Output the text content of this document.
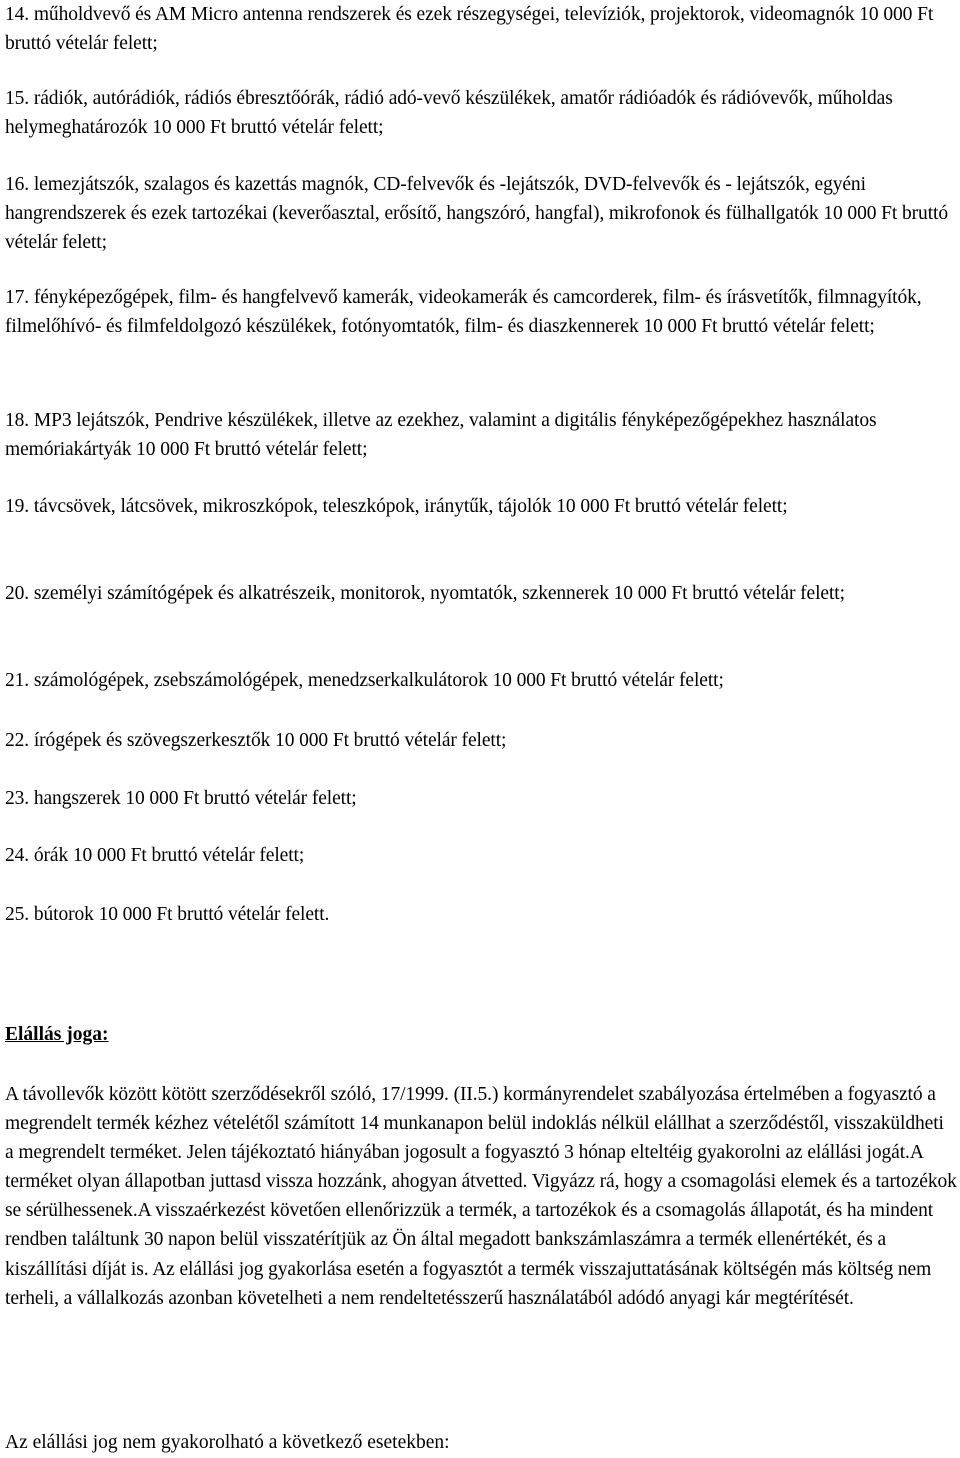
14. műholdvevő és AM Micro antenna rendszerek és ezek részegységei, televíziók, projektorok, videomagnók 10 000 Ft bruttó vételár felett;

15. rádiók, autórádiók, rádiós ébresztőórák, rádió adó-vevő készülékek, amatőr rádióadók és rádióvevők, műholdas helymeghatározók 10 000 Ft bruttó vételár felett;

16. lemezjátszók, szalagos és kazettás magnók, CD-felvevők és -lejátszók, DVD-felvevők és - lejátszók, egyéni hangrendszerek és ezek tartozékai (keverőasztal, erősítő, hangszóró, hangfal), mikrofonok és fülhallgatók 10 000 Ft bruttó vételár felett;

17. fényképezőgépek, film- és hangfelvevő kamerák, videokamerák és camcorderek, film- és írásvetítők, filmnagyítók, filmelőhívó- és filmfeldolgozó készülékek, fotónyomtatók, film- és diaszkennerek 10 000 Ft bruttó vételár felett;

18. MP3 lejátszók, Pendrive készülékek, illetve az ezekhez, valamint a digitális fényképezőgépekhez használatos memóriakártyák 10 000 Ft bruttó vételár felett;

19. távcsövek, látcsövek, mikroszkópok, teleszkópok, iránytűk, tájolók 10 000 Ft bruttó vételár felett;

20. személyi számítógépek és alkatrészeik, monitorok, nyomtatók, szkennerek 10 000 Ft bruttó vételár felett;

21. számológépek, zsebszámológépek, menedzserkalkulátorok 10 000 Ft bruttó vételár felett;

22. írógépek és szövegszerkesztők 10 000 Ft bruttó vételár felett;

23. hangszerek 10 000 Ft bruttó vételár felett;

24. órák 10 000 Ft bruttó vételár felett;

25. bútorok 10 000 Ft bruttó vételár felett.

Elállás joga:

A távollevők között kötött szerződésekről szóló, 17/1999. (II.5.) kormányrendelet szabályozása értelmében a fogyasztó a megrendelt termék kézhez vételétől számított 14 munkanapon belül indoklás nélkül elállhat a szerződéstől, visszaküldheti a megrendelt terméket. Jelen tájékoztató hiányában jogosult a fogyasztó 3 hónap elteltéig gyakorolni az elállási jogát.A terméket olyan állapotban juttasd vissza hozzánk, ahogyan átvetted. Vigyázz rá, hogy a csomagolási elemek és a tartozékok se sérülhessenek.A visszaérkezést követően ellenőrizzük a termék, a tartozékok és a csomagolás állapotát, és ha mindent rendben találtunk 30 napon belül visszatérítjük az Ön által megadott bankszámlaszámra a termék ellenértékét, és a kiszállítási díját is. Az elállási jog gyakorlása esetén a fogyasztót a termék visszajuttatásának költségén más költség nem terheli, a vállalkozás azonban követelheti a nem rendeltetésszerű használatából adódó anyagi kár megtérítését.

Az elállási jog nem gyakorolható a következő esetekben:
